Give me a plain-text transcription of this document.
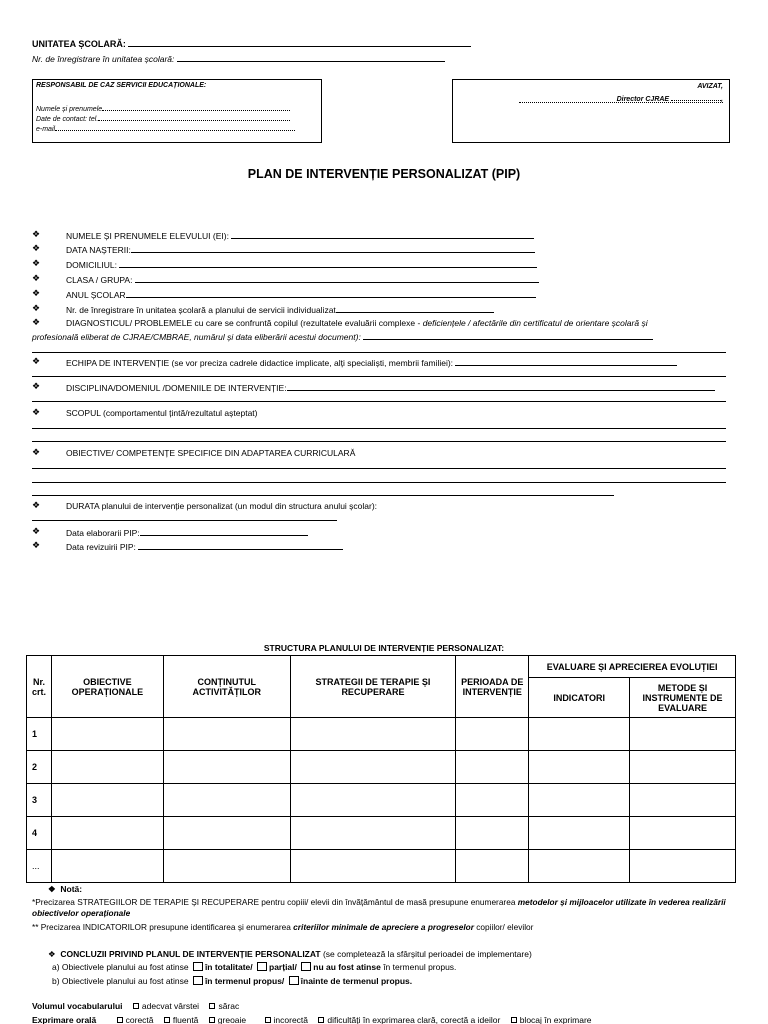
UNITATEA ȘCOLARĂ:
Nr. de înregistrare în unitatea școlară:
RESPONSABIL DE CAZ SERVICII EDUCAȚIONALE:
Numele și prenumele
Date de contact: tel.
e-mail
AVIZAT,
Director CJRAE	,
PLAN DE INTERVENȚIE PERSONALIZAT (PIP)
❖	NUMELE ȘI PRENUMELE ELEVULUI (EI):
❖	DATA NAȘTERII:
❖	DOMICILIUL:
❖	CLASA / GRUPA:
❖	ANUL ȘCOLAR
❖	Nr. de înregistrare în unitatea școlară a planului de servicii individualizat
❖	DIAGNOSTICUL/ PROBLEMELE cu care se confruntă copilul (rezultatele evaluării complexe - deficiențele / afectările din certificatul de orientare școlară și
profesională eliberat de CJRAE/CMBRAE, numărul și data eliberării acestui document):
❖	ECHIPA DE INTERVENȚIE (se vor preciza cadrele didactice implicate, alți specialiști, membrii familiei):
❖	DISCIPLINA/DOMENIUL /DOMENIILE DE INTERVENȚIE:
❖	SCOPUL (comportamentul țintă/rezultatul așteptat)
❖	OBIECTIVE/ COMPETENȚE SPECIFICE DIN ADAPTAREA CURRICULARĂ
❖	DURATA planului de intervenție personalizat (un modul din structura anului școlar):
❖	Data elaborarii PIP:
❖	Data revizuirii PIP:
STRUCTURA PLANULUI DE INTERVENȚIE PERSONALIZAT:
Nr. crt.	OBIECTIVE OPERAȚIONALE	CONȚINUTUL ACTIVITĂȚILOR	STRATEGII DE TERAPIE ȘI RECUPERARE	PERIOADA DE INTERVENȚIE	EVALUARE ȘI APRECIEREA EVOLUȚIEI	
					INDICATORI	METODE ȘI INSTRUMENTE DE EVALUARE
1						
2						
3						
4						
...						
❖ Notă:
*Precizarea STRATEGIILOR DE TERAPIE ȘI RECUPERARE pentru copiii/ elevii din învățământul de masă presupune enumerarea metodelor și mijloacelor utilizate în vederea realizării obiectivelor operaționale
** Precizarea INDICATORILOR presupune identificarea și enumerarea criteriilor minimale de apreciere a progreselor copiilor/ elevilor
❖ CONCLUZII PRIVIND PLANUL DE INTERVENȚIE PERSONALIZAT (se completează la sfârșitul perioadei de implementare)
a) Obiectivele planului au fost atinse în totalitate/ parțial/ nu au fost atinse în termenul propus.
b) Obiectivele planului au fost atinse în termenul propus/ înainte de termenul propus.
Volumul vocabularului adecvat vârstei sărac
Exprimare orală	corectă fluentă greoaie	incorectă dificultăți în exprimarea clară, corectă a ideilor blocaj în exprimare
